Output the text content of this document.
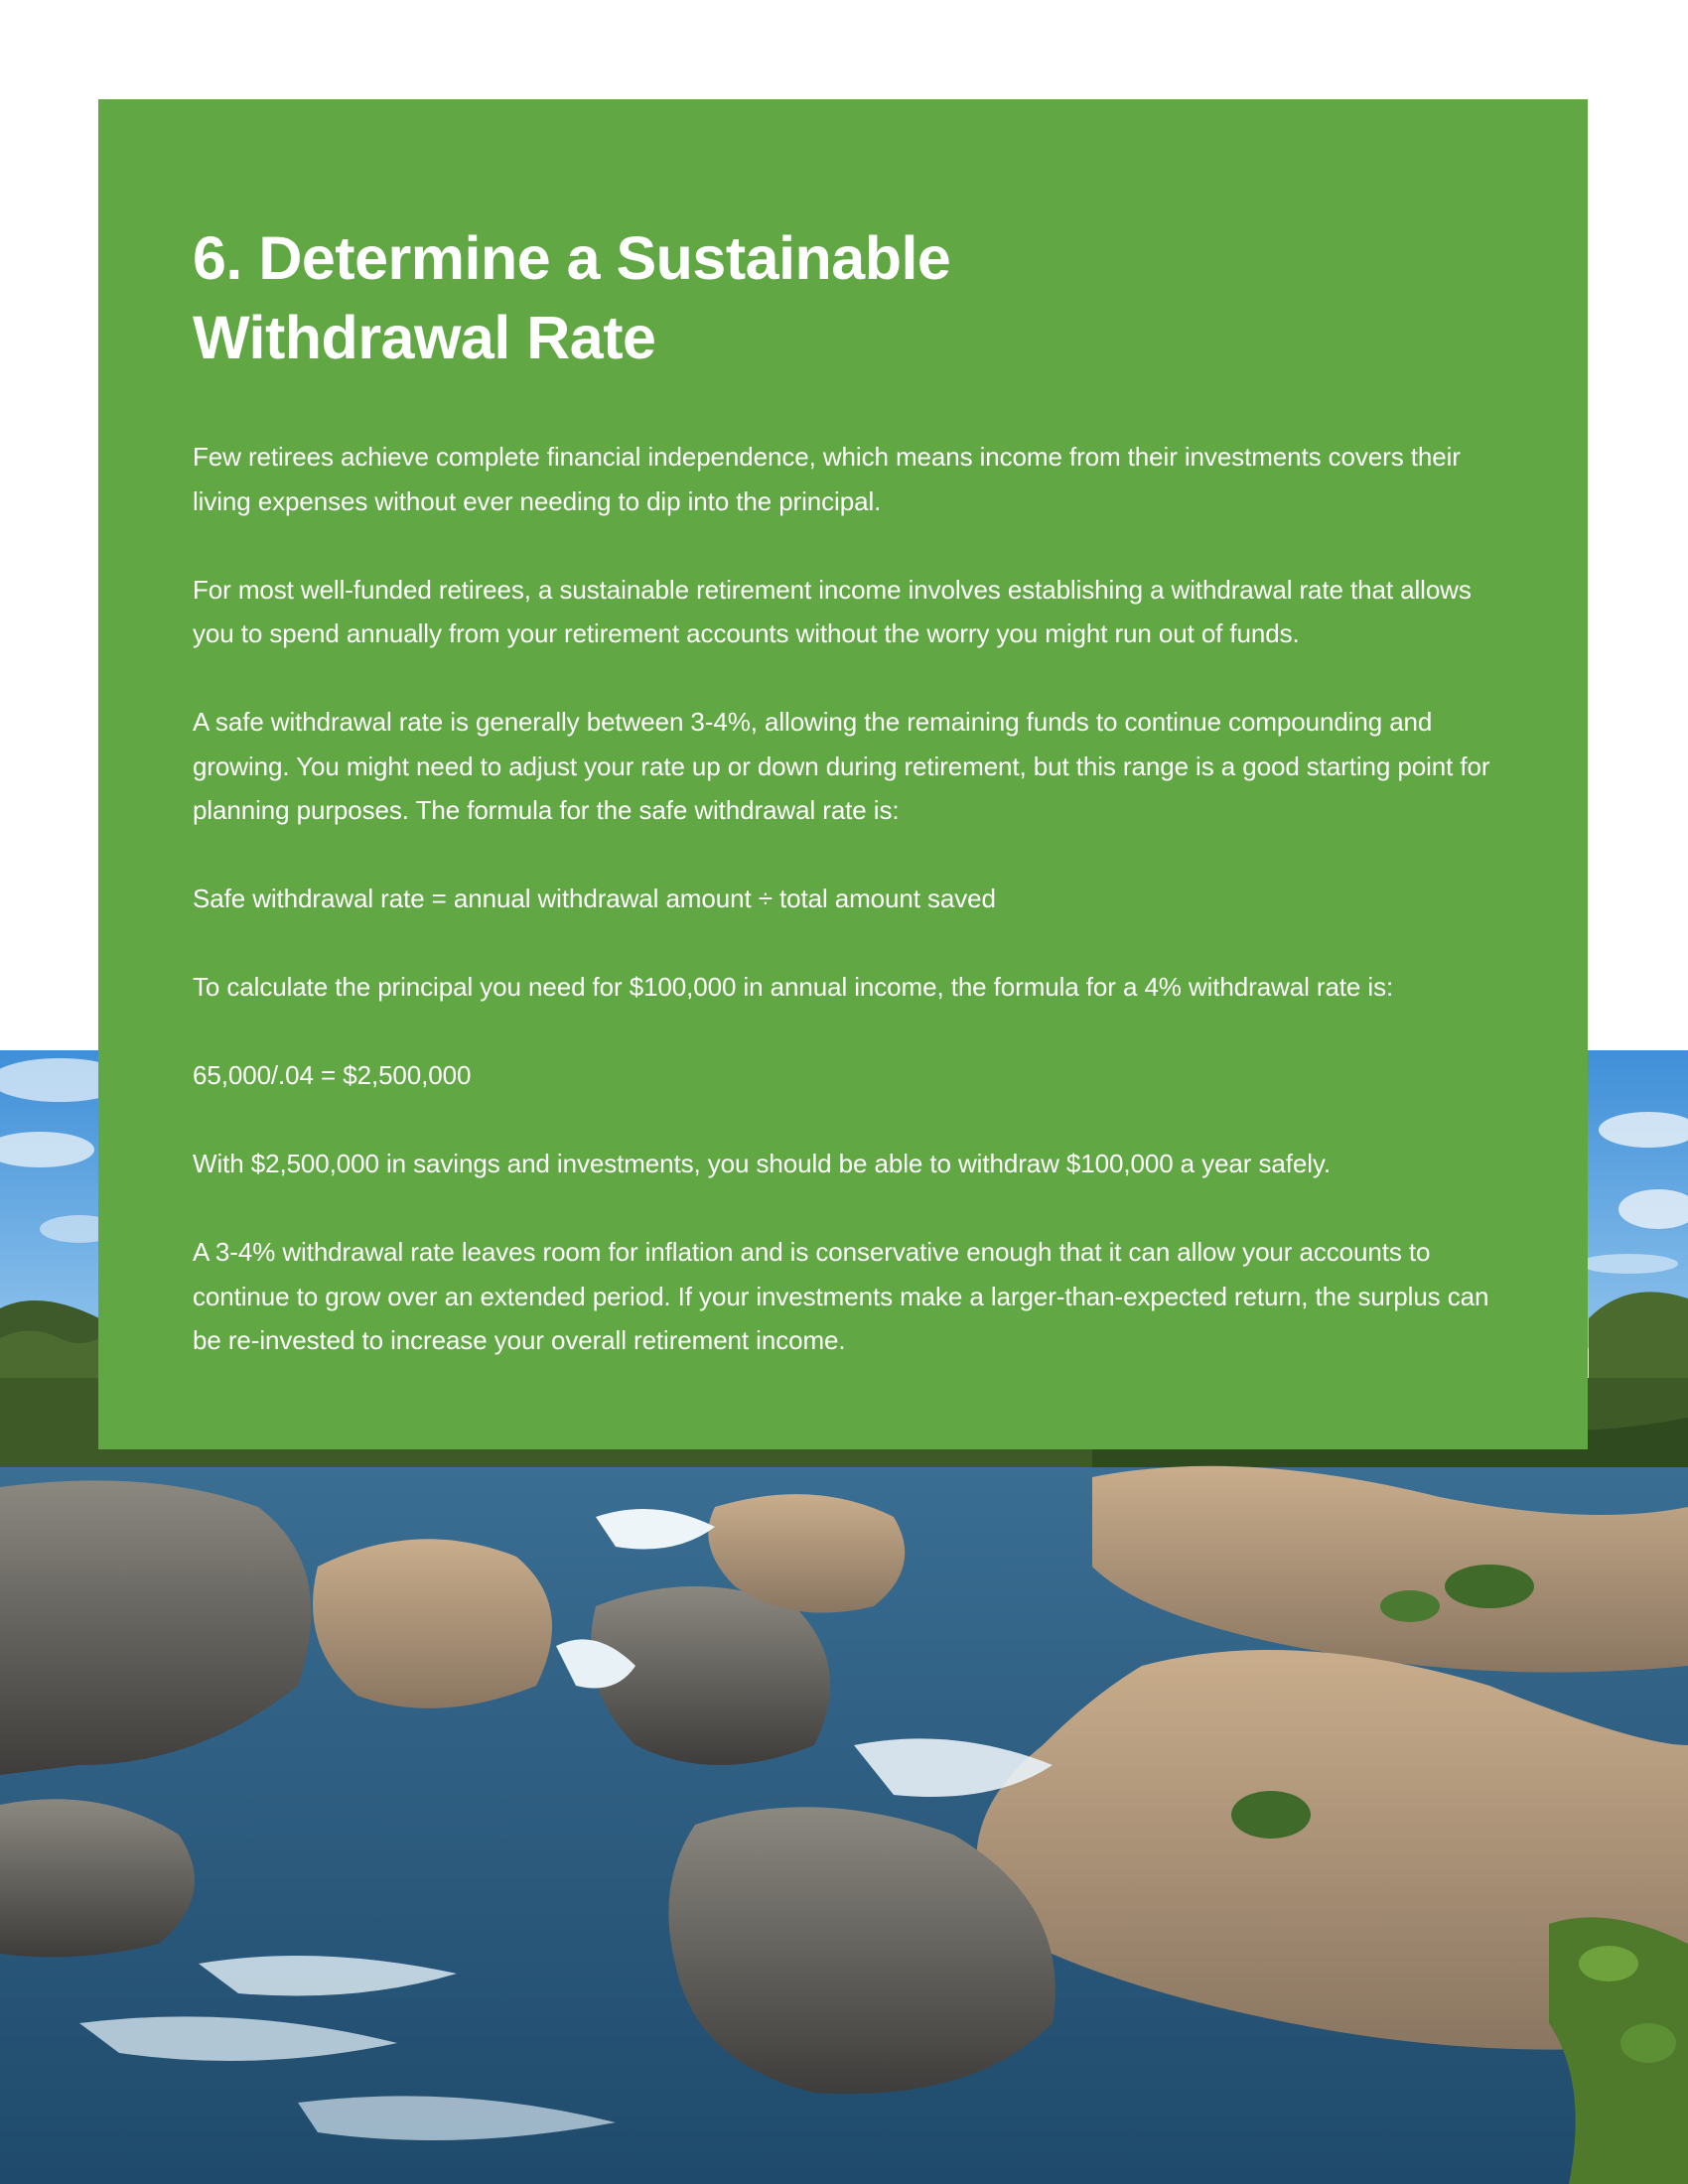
6. Determine a Sustainable
Withdrawal Rate

Few retirees achieve complete financial independence, which means income from their investments covers their living expenses without ever needing to dip into the principal.

For most well-funded retirees, a sustainable retirement income involves establishing a withdrawal rate that allows you to spend annually from your retirement accounts without the worry you might run out of funds.

A safe withdrawal rate is generally between 3-4%, allowing the remaining funds to continue compounding and growing. You might need to adjust your rate up or down during retirement, but this range is a good starting point for planning purposes. The formula for the safe withdrawal rate is:

Safe withdrawal rate = annual withdrawal amount ÷ total amount saved

To calculate the principal you need for $100,000 in annual income, the formula for a 4% withdrawal rate is:

65,000/.04 = $2,500,000

With $2,500,000 in savings and investments, you should be able to withdraw $100,000 a year safely.

A 3-4% withdrawal rate leaves room for inflation and is conservative enough that it can allow your accounts to continue to grow over an extended period. If your investments make a larger-than-expected return, the surplus can be re-invested to increase your overall retirement income.
